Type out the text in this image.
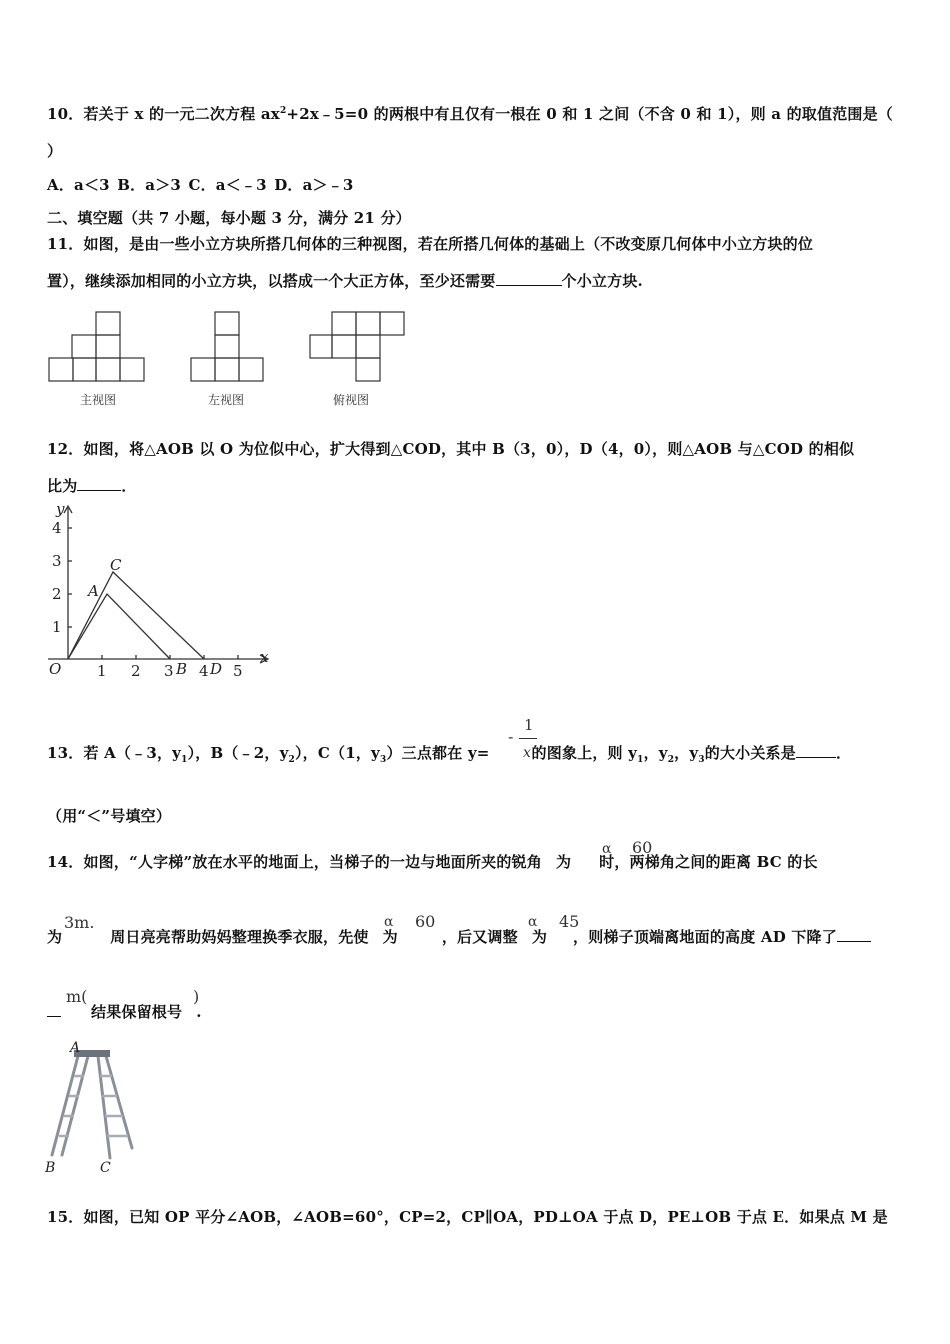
10．若关于 x 的一元二次方程 $ax^2+2x﹣5=0$ 的两根中有且仅有一根在 0 和 1 之间（不含 0 和 1），则 a 的取值范围是（
）
A．a＜3 B．a＞3 C．a＜﹣3 D．a＞﹣3
二、填空题（共 7 小题，每小题 3 分，满分 21 分）
11．如图，是由一些小立方块所搭几何体的三种视图，若在所搭几何体的基础上（不改变原几何体中小立方块的位
置），继续添加相同的小立方块，以搭成一个大正方体，至少还需要	个小立方块.
主视图	左视图	俯视图
12．如图，将△AOB 以 O 为位似中心，扩大得到△COD，其中 B（3，0），D（4，0），则△AOB 与△COD 的相似
比为	．
y
x
4
3
2
1
O 1 2 3 B 4 D 5
A
C
13．若 A（﹣3，$y_1$），B（﹣2，$y_2$），C（1，$y_3$）三点都在 y=	的图象上，则 $y_1$，$y_2$，$y_3$的大小关系是	．
-
1
x
（用“＜”号填空）
14．如图，“人字梯”放在水平的地面上，当梯子的一边与地面所夹的锐角 为 时，两梯角之间的距离 BC 的长
α 60
为	周日亮亮帮助妈妈整理换季衣服，先使 为	，后又调整 为 ，则梯子顶端离地面的高度 AD 下降了
3m.	α 60	α 45
结果保留根号 .
m(	)
A
B	C
15．如图，已知 OP 平分∠AOB，∠AOB=60°，CP=2，CP∥OA，PD⊥OA 于点 D，PE⊥OB 于点 E．如果点 M 是
